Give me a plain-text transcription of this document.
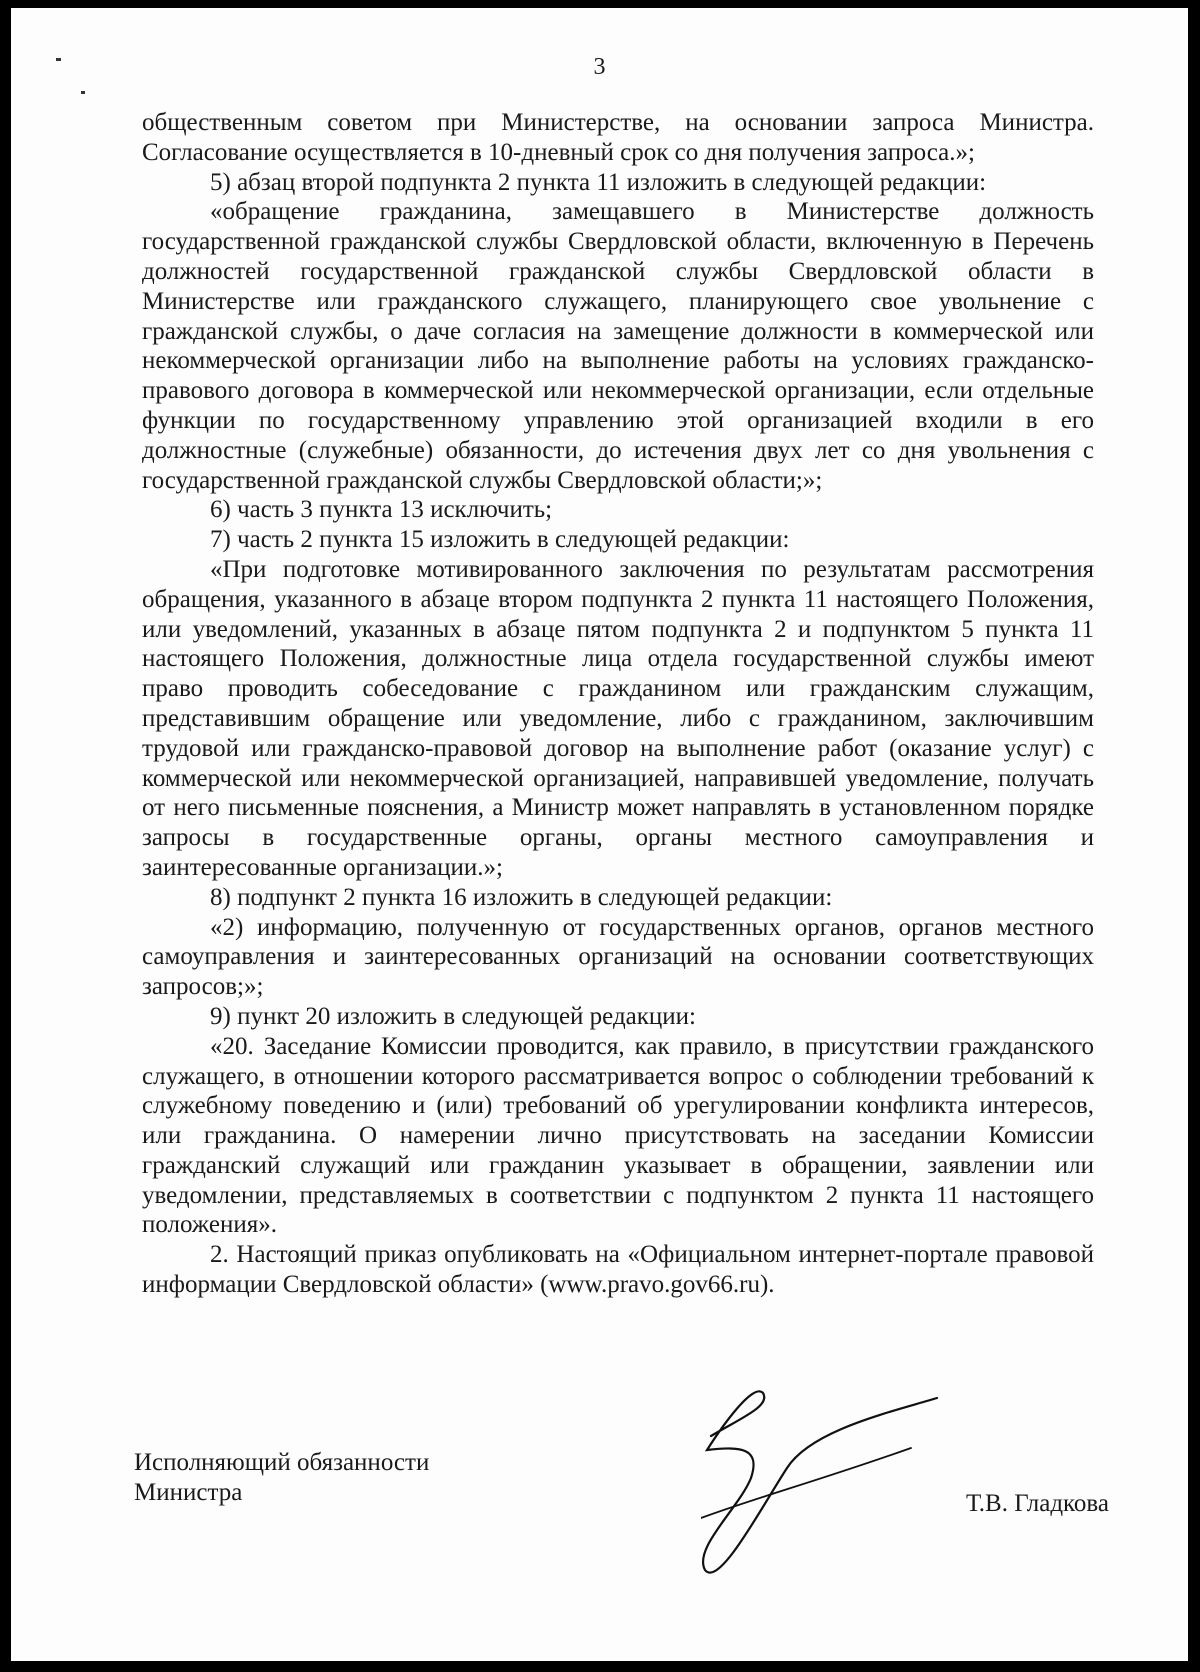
3

общественным советом при Министерстве, на основании запроса Министра. Согласование осуществляется в 10-дневный срок со дня получения запроса.»;

5) абзац второй подпункта 2 пункта 11 изложить в следующей редакции:

«обращение гражданина, замещавшего в Министерстве должность государственной гражданской службы Свердловской области, включенную в Перечень должностей государственной гражданской службы Свердловской области в Министерстве или гражданского служащего, планирующего свое увольнение с гражданской службы, о даче согласия на замещение должности в коммерческой или некоммерческой организации либо на выполнение работы на условиях гражданско-правового договора в коммерческой или некоммерческой организации, если отдельные функции по государственному управлению этой организацией входили в его должностные (служебные) обязанности, до истечения двух лет со дня увольнения с государственной гражданской службы Свердловской области;»;

6) часть 3 пункта 13 исключить;

7) часть 2 пункта 15 изложить в следующей редакции:

«При подготовке мотивированного заключения по результатам рассмотрения обращения, указанного в абзаце втором подпункта 2 пункта 11 настоящего Положения, или уведомлений, указанных в абзаце пятом подпункта 2 и подпунктом 5 пункта 11 настоящего Положения, должностные лица отдела государственной службы имеют право проводить собеседование с гражданином или гражданским служащим, представившим обращение или уведомление, либо с гражданином, заключившим трудовой или гражданско-правовой договор на выполнение работ (оказание услуг) с коммерческой или некоммерческой организацией, направившей уведомление, получать от него письменные пояснения, а Министр может направлять в установленном порядке запросы в государственные органы, органы местного самоуправления и заинтересованные организации.»;

8) подпункт 2 пункта 16 изложить в следующей редакции:

«2) информацию, полученную от государственных органов, органов местного самоуправления и заинтересованных организаций на основании соответствующих запросов;»;

9) пункт 20 изложить в следующей редакции:

«20. Заседание Комиссии проводится, как правило, в присутствии гражданского служащего, в отношении которого рассматривается вопрос о соблюдении требований к служебному поведению и (или) требований об урегулировании конфликта интересов, или гражданина. О намерении лично присутствовать на заседании Комиссии гражданский служащий или гражданин указывает в обращении, заявлении или уведомлении, представляемых в соответствии с подпунктом 2 пункта 11 настоящего положения».

2. Настоящий приказ опубликовать на «Официальном интернет-портале правовой информации Свердловской области» (www.pravo.gov66.ru).

Исполняющий обязанности
Министра	Т.В. Гладкова
